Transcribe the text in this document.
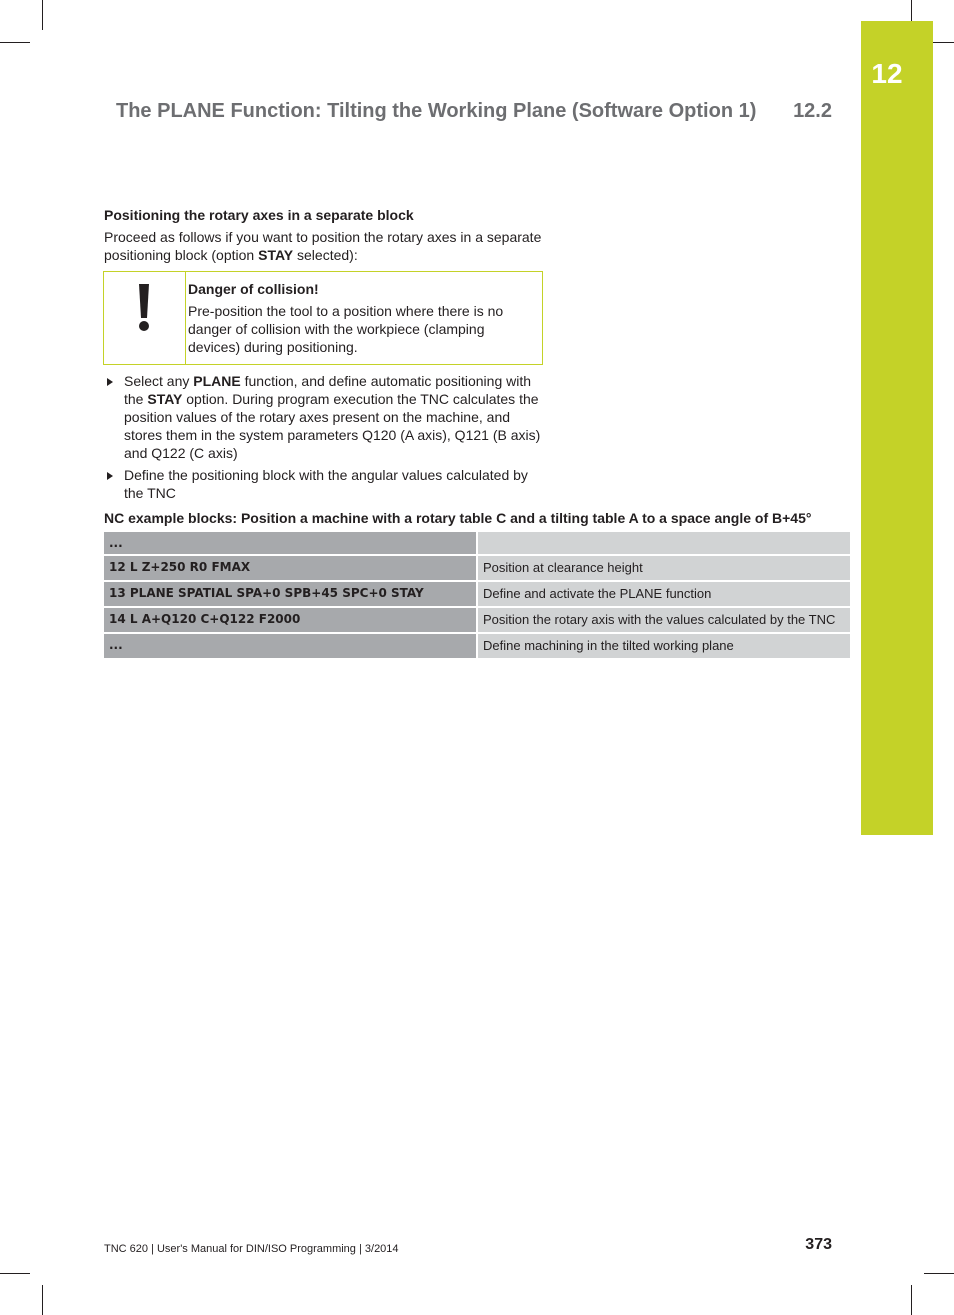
12
The PLANE Function: Tilting the Working Plane (Software Option 1) 12.2
Positioning the rotary axes in a separate block
Proceed as follows if you want to position the rotary axes in a separate positioning block (option STAY selected):
Danger of collision!
Pre-position the tool to a position where there is no danger of collision with the workpiece (clamping devices) during positioning.
Select any PLANE function, and define automatic positioning with the STAY option. During program execution the TNC calculates the position values of the rotary axes present on the machine, and stores them in the system parameters Q120 (A axis), Q121 (B axis) and Q122 (C axis)
Define the positioning block with the angular values calculated by the TNC
NC example blocks: Position a machine with a rotary table C and a tilting table A to a space angle of B+45°
...	
12 L Z+250 R0 FMAX	Position at clearance height
13 PLANE SPATIAL SPA+0 SPB+45 SPC+0 STAY	Define and activate the PLANE function
14 L A+Q120 C+Q122 F2000	Position the rotary axis with the values calculated by the TNC
...	Define machining in the tilted working plane
TNC 620 | User's Manual for DIN/ISO Programming | 3/2014	373
